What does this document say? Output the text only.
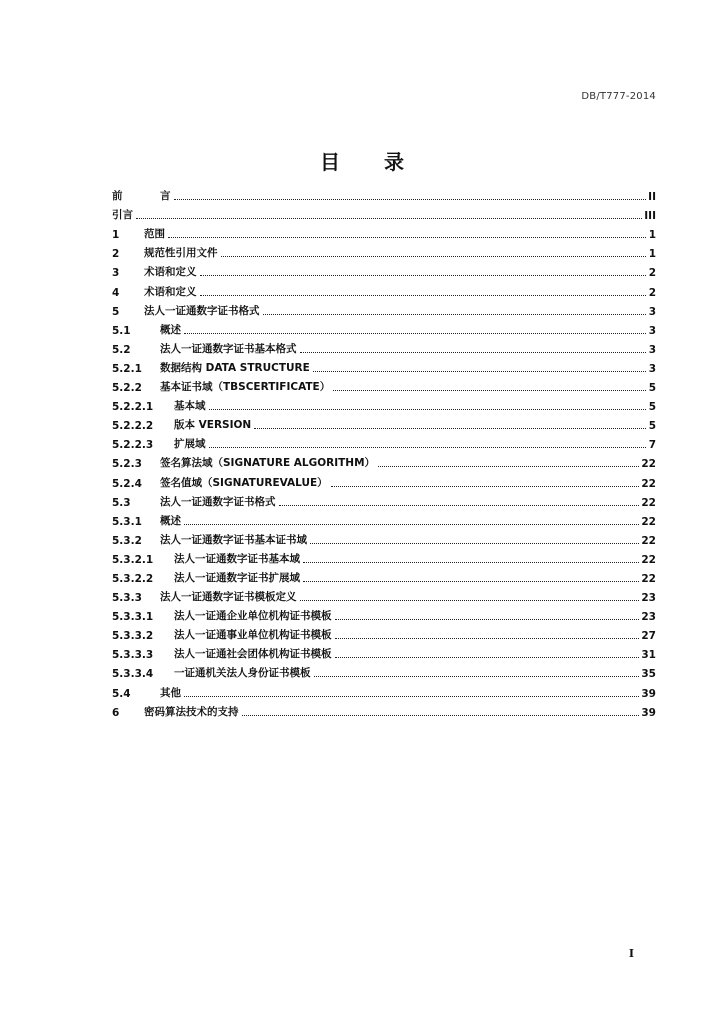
DB/T777-2014
目 录
前	言	II
引言	III
1	范围	1
2	规范性引用文件	1
3	术语和定义	2
4	术语和定义	2
5	法人一证通数字证书格式	3
5.1	概述	3
5.2	法人一证通数字证书基本格式	3
5.2.1	数据结构 DATA STRUCTURE	3
5.2.2	基本证书域（TBSCERTIFICATE）	5
5.2.2.1	基本域	5
5.2.2.2	版本 VERSION	5
5.2.2.3	扩展域	7
5.2.3	签名算法域（SIGNATURE ALGORITHM）	22
5.2.4	签名值域（SIGNATUREVALUE）	22
5.3	法人一证通数字证书格式	22
5.3.1	概述	22
5.3.2	法人一证通数字证书基本证书域	22
5.3.2.1	法人一证通数字证书基本域	22
5.3.2.2	法人一证通数字证书扩展域	22
5.3.3	法人一证通数字证书模板定义	23
5.3.3.1	法人一证通企业单位机构证书模板	23
5.3.3.2	法人一证通事业单位机构证书模板	27
5.3.3.3	法人一证通社会团体机构证书模板	31
5.3.3.4	一证通机关法人身份证书模板	35
5.4	其他	39
6	密码算法技术的支持	39
I
